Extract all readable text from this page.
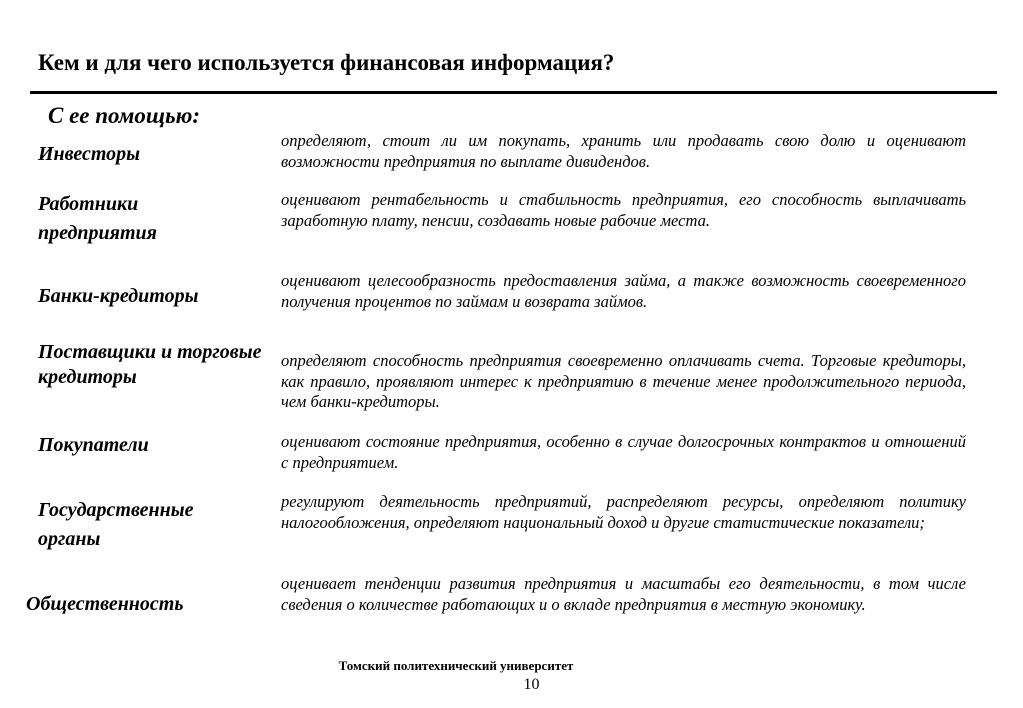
Кем и для чего используется финансовая информация?
С ее помощью:
Инвесторы
определяют, стоит ли им покупать, хранить или продавать свою долю и оценивают возможности предприятия по выплате дивидендов.
Работники предприятия
оценивают рентабельность и стабильность предприятия, его способность выплачивать заработную плату, пенсии, создавать новые рабочие места.
Банки-кредиторы
оценивают целесообразность предоставления займа, а также возможность своевременного получения процентов по займам и возврата займов.
Поставщики и торговые кредиторы
определяют способность предприятия своевременно оплачивать счета. Торговые кредиторы, как правило, проявляют интерес к предприятию в течение менее продолжительного периода, чем банки-кредиторы.
Покупатели	оценивают состояние предприятия, особенно в случае долгосрочных контрактов и отношений с предприятием.
Государственные органы
регулируют деятельность предприятий, распределяют ресурсы, определяют политику налогообложения, определяют национальный доход и другие статистические показатели;
Общественность
оценивает тенденции развития предприятия и масштабы его деятельности, в том числе сведения о количестве работающих и о вкладе предприятия в местную экономику.
Томский политехнический университет
10
